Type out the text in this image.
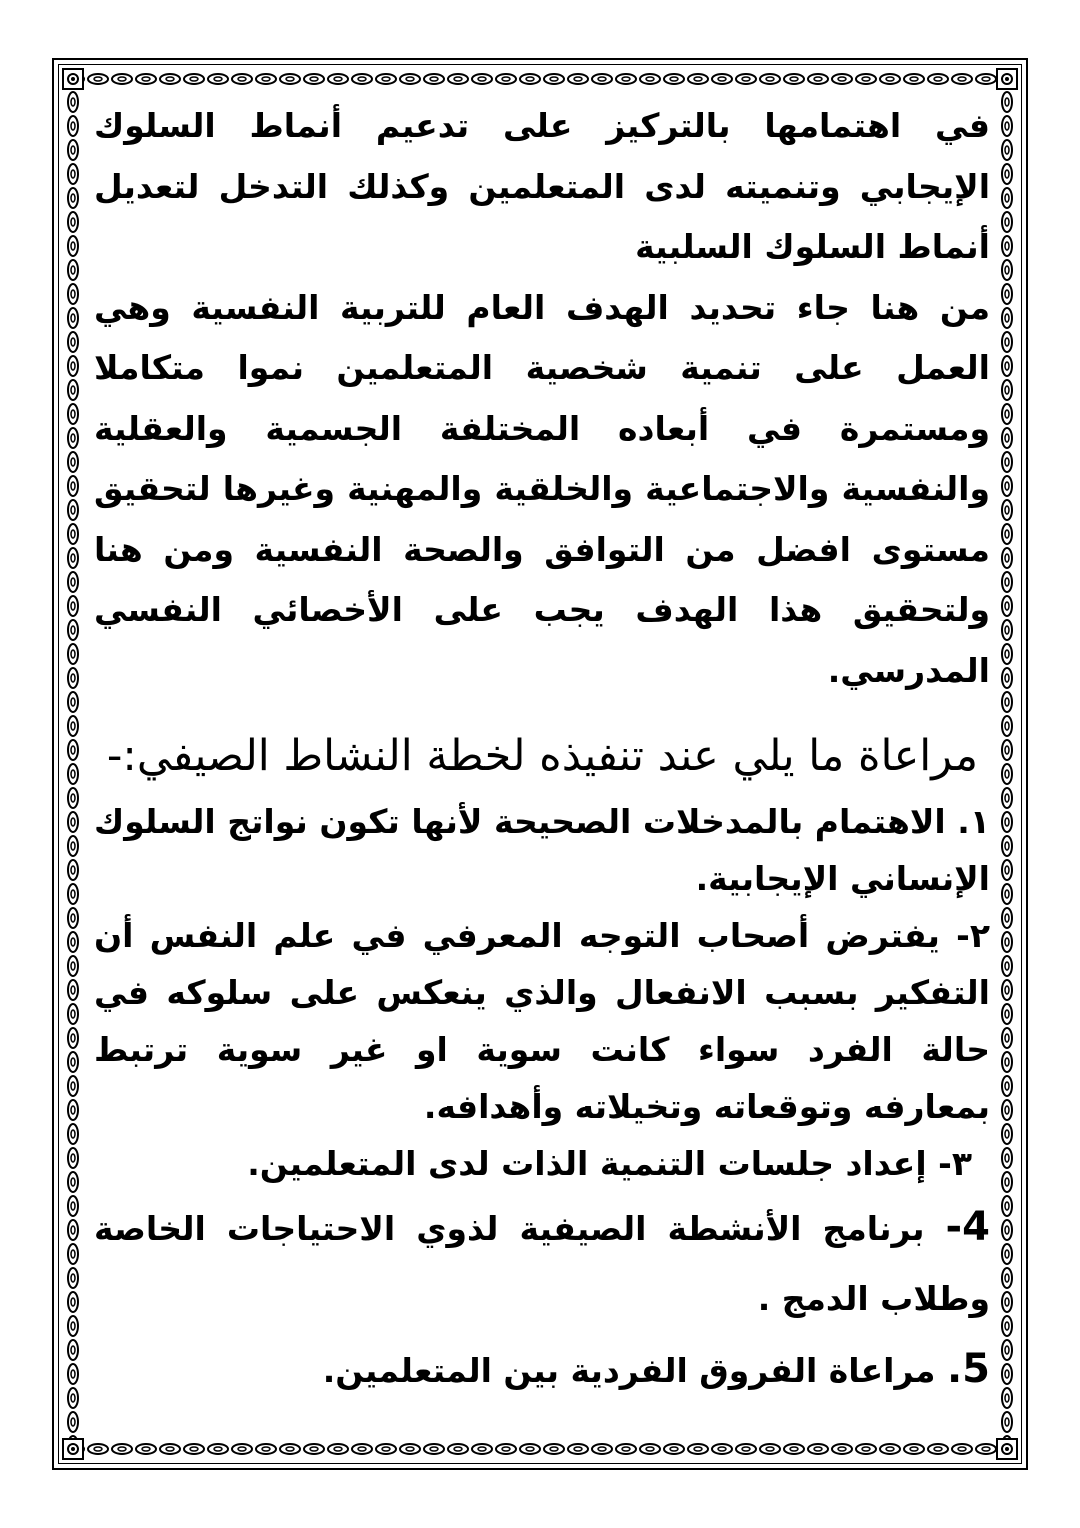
في اهتمامها بالتركيز على تدعيم أنماط السلوك الإيجابي وتنميته لدى المتعلمين وكذلك التدخل لتعديل أنماط السلوك السلبية

من هنا جاء تحديد الهدف العام للتربية النفسية وهي العمل على تنمية شخصية المتعلمين نموا متكاملا ومستمرة في أبعاده المختلفة الجسمية والعقلية والنفسية والاجتماعية والخلقية والمهنية وغيرها لتحقيق مستوى افضل من التوافق والصحة النفسية ومن هنا ولتحقيق هذا الهدف يجب على الأخصائي النفسي المدرسي.

مراعاة ما يلي عند تنفيذه لخطة النشاط الصيفي:-

١. الاهتمام بالمدخلات الصحيحة لأنها تكون نواتج السلوك الإنساني الإيجابية.

٢- يفترض أصحاب التوجه المعرفي في علم النفس أن التفكير بسبب الانفعال والذي ينعكس على سلوكه في حالة الفرد سواء كانت سوية او غير سوية ترتبط بمعارفه وتوقعاته وتخيلاته وأهدافه.

٣- إعداد جلسات التنمية الذات لدى المتعلمين.

4- برنامج الأنشطة الصيفية لذوي الاحتياجات الخاصة وطلاب الدمج .

5. مراعاة الفروق الفردية بين المتعلمين.
